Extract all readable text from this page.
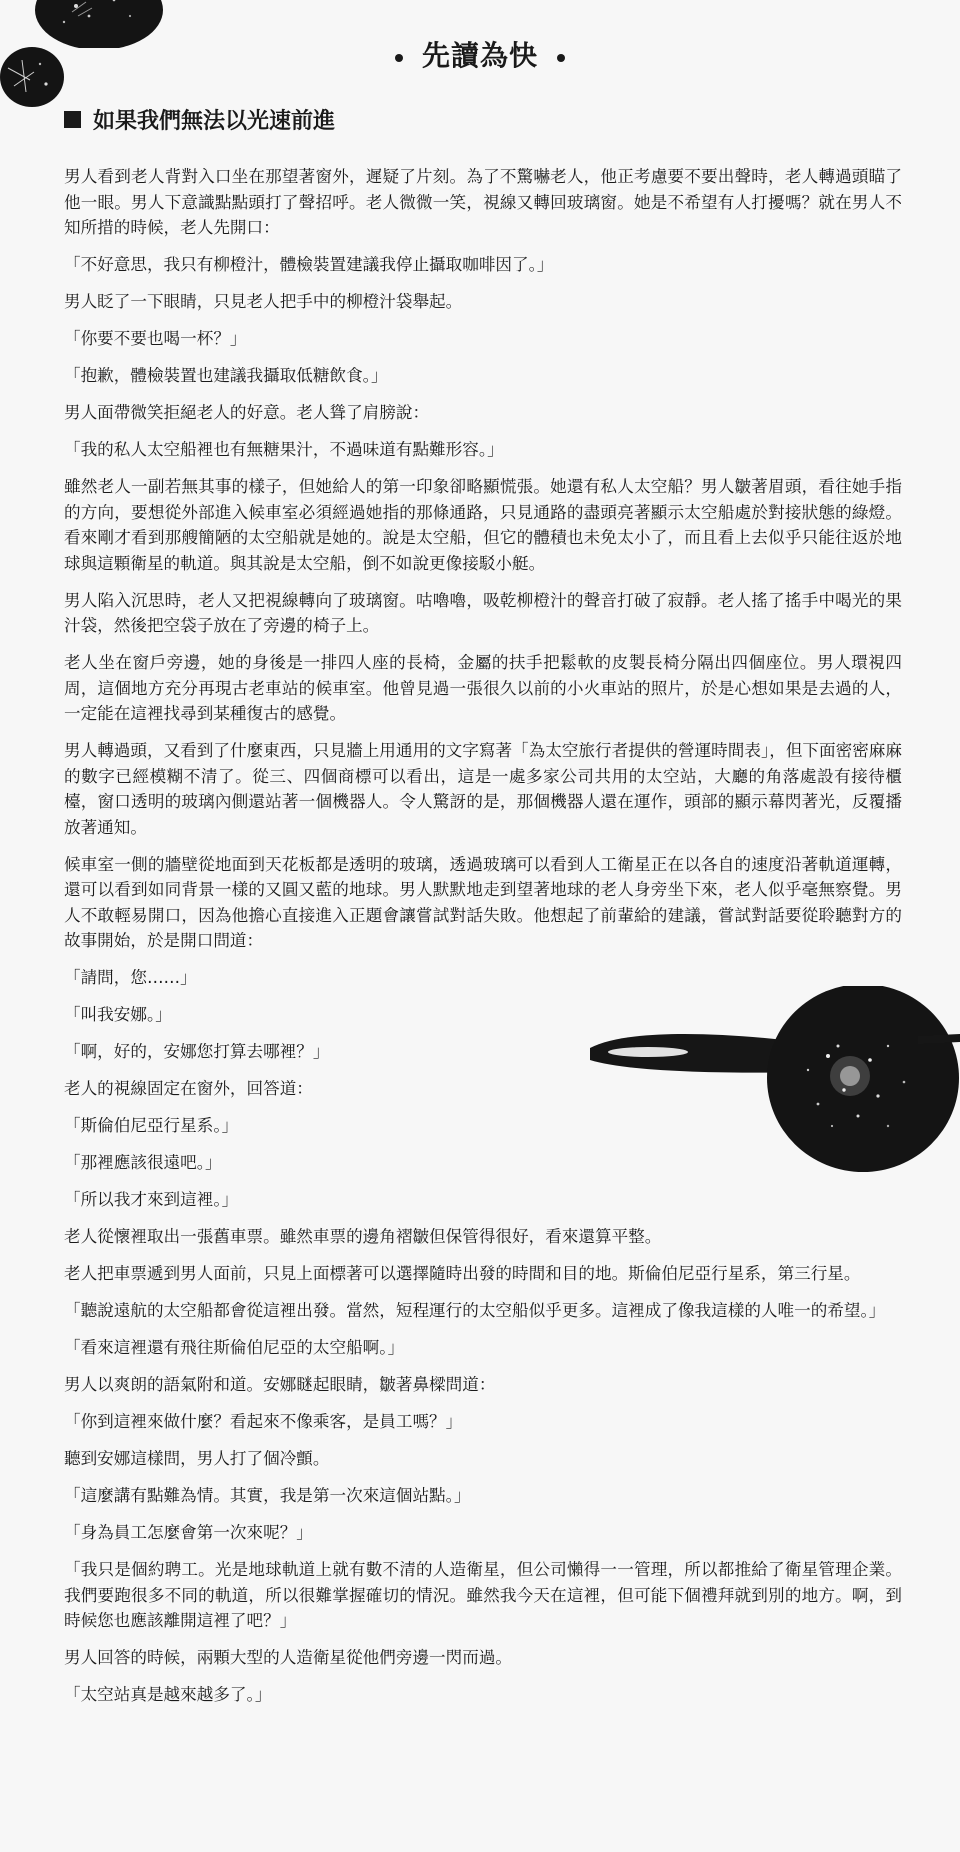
先讀為快
如果我們無法以光速前進

男人看到老人背對入口坐在那望著窗外，遲疑了片刻。為了不驚嚇老人，他正考慮要不要出聲時，老人轉過頭瞄了他一眼。男人下意識點點頭打了聲招呼。老人微微一笑，視線又轉回玻璃窗。她是不希望有人打擾嗎？就在男人不知所措的時候，老人先開口：

「不好意思，我只有柳橙汁，體檢裝置建議我停止攝取咖啡因了。」

男人眨了一下眼睛，只見老人把手中的柳橙汁袋舉起。

「你要不要也喝一杯？」

「抱歉，體檢裝置也建議我攝取低糖飲食。」

男人面帶微笑拒絕老人的好意。老人聳了肩膀說：

「我的私人太空船裡也有無糖果汁，不過味道有點難形容。」

雖然老人一副若無其事的樣子，但她給人的第一印象卻略顯慌張。她還有私人太空船？男人皺著眉頭，看往她手指的方向，要想從外部進入候車室必須經過她指的那條通路，只見通路的盡頭亮著顯示太空船處於對接狀態的綠燈。看來剛才看到那艘簡陋的太空船就是她的。說是太空船，但它的體積也未免太小了，而且看上去似乎只能往返於地球與這顆衛星的軌道。與其說是太空船，倒不如說更像接駁小艇。

男人陷入沉思時，老人又把視線轉向了玻璃窗。咕嚕嚕，吸乾柳橙汁的聲音打破了寂靜。老人搖了搖手中喝光的果汁袋，然後把空袋子放在了旁邊的椅子上。

老人坐在窗戶旁邊，她的身後是一排四人座的長椅，金屬的扶手把鬆軟的皮製長椅分隔出四個座位。男人環視四周，這個地方充分再現古老車站的候車室。他曾見過一張很久以前的小火車站的照片，於是心想如果是去過的人，一定能在這裡找尋到某種復古的感覺。

男人轉過頭，又看到了什麼東西，只見牆上用通用的文字寫著「為太空旅行者提供的營運時間表」，但下面密密麻麻的數字已經模糊不清了。從三、四個商標可以看出，這是一處多家公司共用的太空站，大廳的角落處設有接待櫃檯，窗口透明的玻璃內側還站著一個機器人。令人驚訝的是，那個機器人還在運作，頭部的顯示幕閃著光，反覆播放著通知。

候車室一側的牆壁從地面到天花板都是透明的玻璃，透過玻璃可以看到人工衛星正在以各自的速度沿著軌道運轉，還可以看到如同背景一樣的又圓又藍的地球。男人默默地走到望著地球的老人身旁坐下來，老人似乎毫無察覺。男人不敢輕易開口，因為他擔心直接進入正題會讓嘗試對話失敗。他想起了前輩給的建議，嘗試對話要從聆聽對方的故事開始，於是開口問道：

「請問，您……」

「叫我安娜。」

「啊，好的，安娜您打算去哪裡？」

老人的視線固定在窗外，回答道：

「斯倫伯尼亞行星系。」

「那裡應該很遠吧。」

「所以我才來到這裡。」

老人從懷裡取出一張舊車票。雖然車票的邊角褶皺但保管得很好，看來還算平整。

老人把車票遞到男人面前，只見上面標著可以選擇隨時出發的時間和目的地。斯倫伯尼亞行星系，第三行星。

「聽說遠航的太空船都會從這裡出發。當然，短程運行的太空船似乎更多。這裡成了像我這樣的人唯一的希望。」

「看來這裡還有飛往斯倫伯尼亞的太空船啊。」

男人以爽朗的語氣附和道。安娜瞇起眼睛，皺著鼻樑問道：

「你到這裡來做什麼？看起來不像乘客，是員工嗎？」

聽到安娜這樣問，男人打了個冷顫。

「這麼講有點難為情。其實，我是第一次來這個站點。」

「身為員工怎麼會第一次來呢？」

「我只是個約聘工。光是地球軌道上就有數不清的人造衛星，但公司懶得一一管理，所以都推給了衛星管理企業。我們要跑很多不同的軌道，所以很難掌握確切的情況。雖然我今天在這裡，但可能下個禮拜就到別的地方。啊，到時候您也應該離開這裡了吧？」

男人回答的時候，兩顆大型的人造衛星從他們旁邊一閃而過。

「太空站真是越來越多了。」
